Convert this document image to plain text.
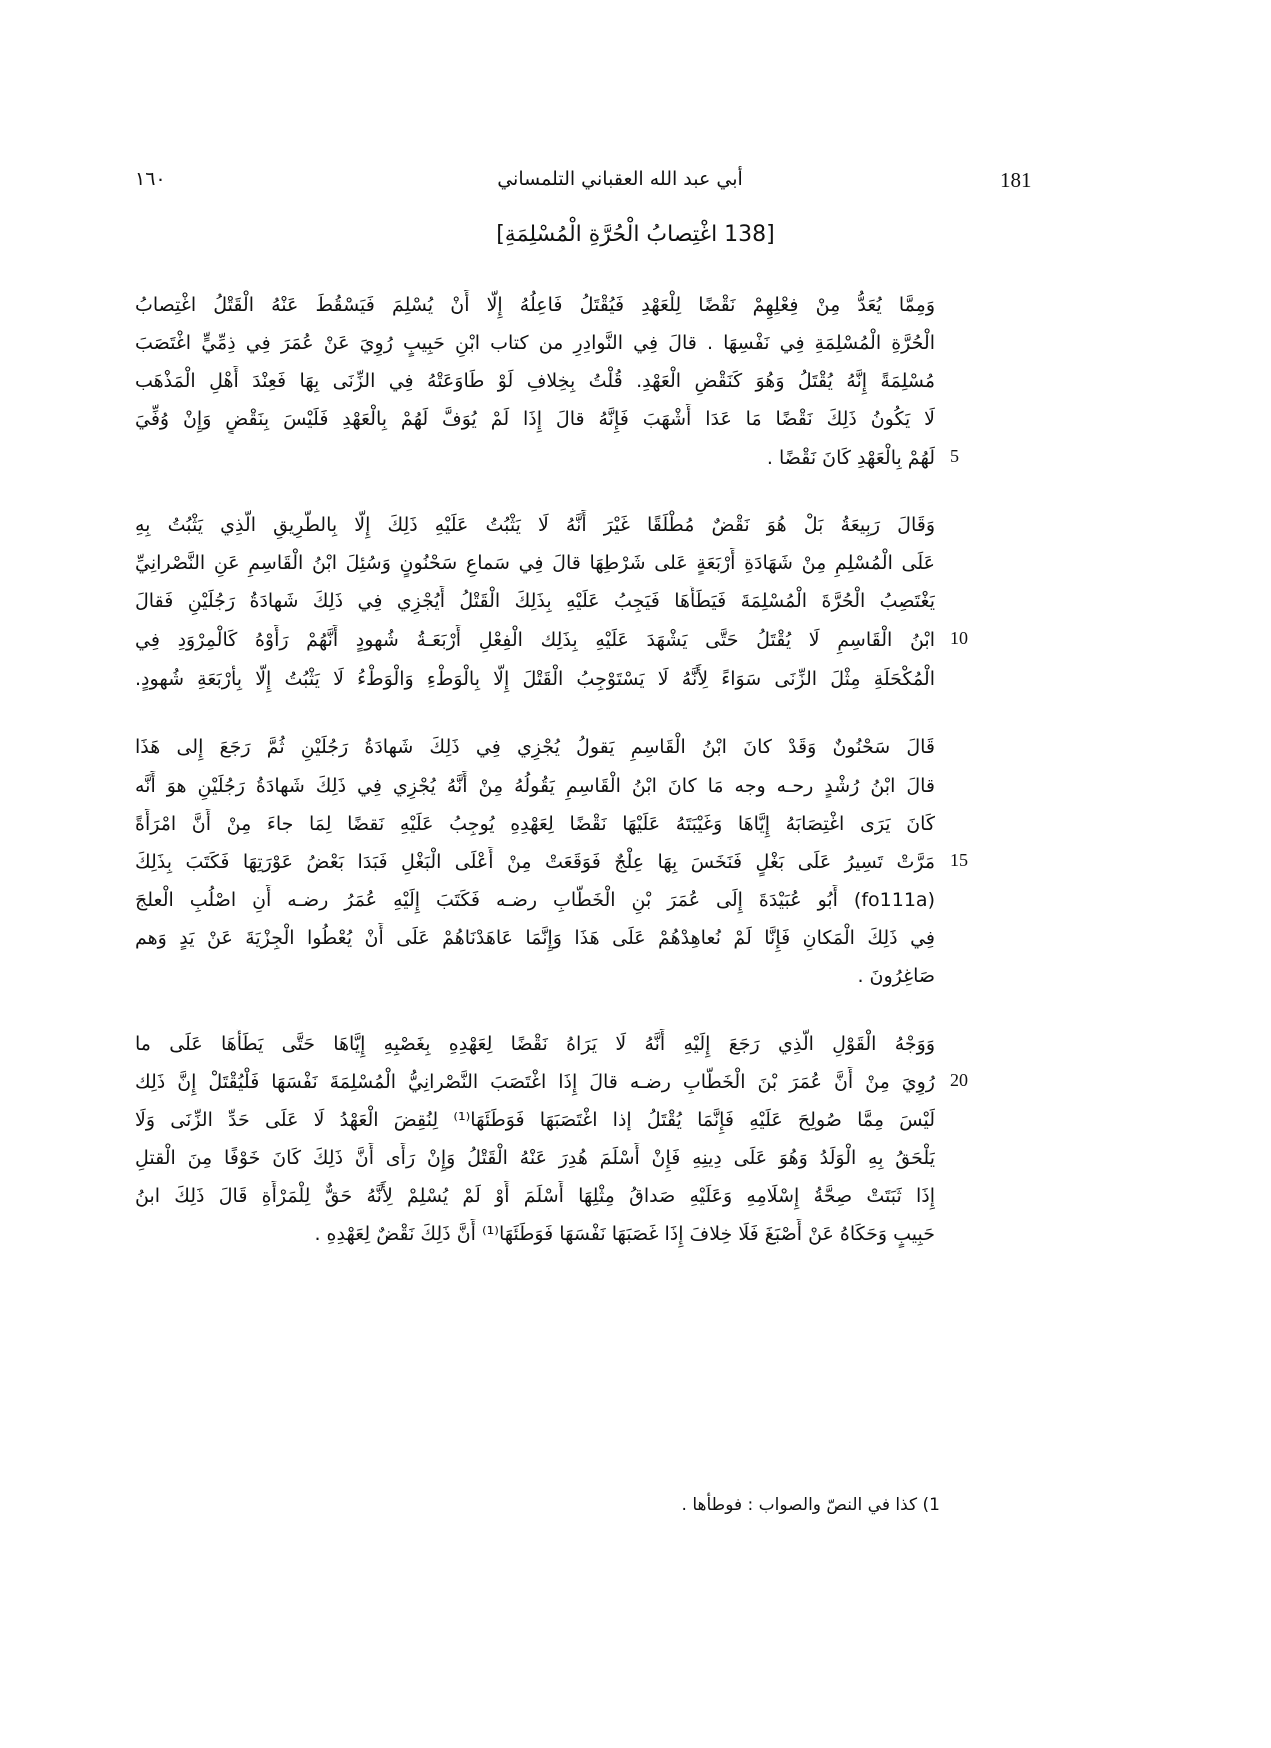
181
أبي عبد الله العقباني التلمساني
١٦٠
[138 اغْتِصابُ الْحُرَّةِ الْمُسْلِمَةِ]
وَمِمَّا يُعَدُّ مِنْ فِعْلِهِمْ نَقْضًا لِلْعَهْدِ فَيُقْتَلُ فَاعِلُهُ إِلَّا أَنْ يُسْلِمَ فَيَسْقُطَ عَنْهُ الْقَتْلُ اغْتِصابُ
الْحُرَّةِ الْمُسْلِمَةِ فِي نَفْسِهَا . قالَ فِي النَّوادِرِ من كتاب ابْنِ حَبِيبٍ رُوِيَ عَنْ عُمَرَ فِي ذِمِّيٍّ اغْتَصَبَ
مُسْلِمَةً إِنَّهُ يُقْتَلُ وَهُوَ كَنَقْضِ الْعَهْدِ. قُلْتُ بِخِلافِ لَوْ طَاوَعَتْهُ فِي الزِّنَى بِهَا فَعِنْدَ أَهْلِ الْمَذْهَب
لَا يَكُونُ ذَلِكَ نَقْضًا مَا عَدَا أَشْهَبَ فَإِنَّهُ قالَ إِذَا لَمْ يُوَفَّ لَهُمْ بِالْعَهْدِ فَلَيْسَ بِنَقْضٍ وَإِنْ وُفِّيَ
لَهُمْ بِالْعَهْدِ كَانَ نَقْضًا .
وَقَالَ رَبِيعَةُ بَلْ هُوَ نَقْضٌ مُطْلَقًا غَيْرَ أَنَّهُ لَا يَثْبُتُ عَلَيْهِ ذَلِكَ إِلَّا بِالطَّرِيقِ الَّذِي يَثْبُتُ بِهِ
عَلَى الْمُسْلِمِ مِنْ شَهَادَةِ أَرْبَعَةٍ عَلى شَرْطِهَا قالَ فِي سَماعِ سَحْنُونٍ وَسُئِلَ ابْنُ الْقَاسِمِ عَنِ النَّصْرانِيِّ
يَغْتَصِبُ الْحُرَّةَ الْمُسْلِمَةَ فَيَطَأُهَا فَيَجِبُ عَلَيْهِ بِذَلِكَ الْقَتْلُ أَيُجْزِي فِي ذَلِكَ شَهادَةُ رَجُلَيْنِ فَقالَ
ابْنُ الْقَاسِمِ لَا يُقْتَلُ حَتَّى يَشْهَدَ عَلَيْهِ بِذَلِك الْفِعْلِ أَرْبَعَـةُ شُهودٍ أَنَّهُمْ رَأَوْهُ كَالْمِرْوَدِ فِي
الْمُكْحَلَةِ مِثْلَ الزِّنَى سَوَاءً لِأَنَّهُ لَا يَسْتَوْجِبُ الْقَتْلَ إِلَّا بِالْوَطْءِ وَالْوَطْءُ لَا يَثْبُتُ إِلَّا بِأَرْبَعَةِ شُهودٍ.
قَالَ سَحْنُونٌ وَقَدْ كانَ ابْنُ الْقَاسِمِ يَقولُ يُجْزِي فِي ذَلِكَ شَهادَةُ رَجُلَيْنِ ثُمَّ رَجَعَ إِلى هَذَا
قالَ ابْنُ رُشْدٍ رحـه وجه مَا كانَ ابْنُ الْقَاسِمِ يَقُولُهُ مِنْ أَنَّهُ يُجْزِي فِي ذَلِكَ شَهادَةُ رَجُلَيْنِ هوَ أَنَّه
كَانَ يَرَى اغْتِصَابَهُ إِيَّاهَا وَغَيْبَتَهُ عَلَيْهَا نَقْضًا لِعَهْدِهِ يُوجِبُ عَلَيْهِ نَقضًا لِمَا جاءَ مِنْ أَنَّ امْرَأَةً
مَرَّتْ تَسِيرُ عَلَى بَغْلٍ فَنَخَسَ بِهَا عِلْجٌ فَوَقَعَتْ مِنْ أَعْلَى الْبَغْلِ فَبَدَا بَعْضُ عَوْرَتِهَا فَكَتَبَ بِذَلِكَ
(fo111a) أَبُو عُبَيْدَةَ إِلَى عُمَرَ بْنِ الْخَطَّابِ رضـه فَكَتَبَ إِلَيْهِ عُمَرُ رضـه أَنِ اصْلُبِ الْعلجَ
فِي ذَلِكَ الْمَكانِ فَإِنَّا لَمْ نُعاهِدْهُمْ عَلَى هَذَا وَإِنَّمَا عَاهَدْنَاهُمْ عَلَى أَنْ يُعْطُوا الْجِزْيَةَ عَنْ يَدٍ وَهم
صَاغِرُونَ .
وَوَجْهُ الْقَوْلِ الَّذِي رَجَعَ إِلَيْهِ أَنَّهُ لَا يَرَاهُ نَقْضًا لِعَهْدِهِ بِغَصْبِهِ إِيَّاهَا حَتَّى يَطَأَهَا عَلَى ما
رُوِيَ مِنْ أَنَّ عُمَرَ بْنَ الْخَطَّابِ رضـه قالَ إِذَا اغْتَصَبَ النَّصْرانِيُّ الْمُسْلِمَةَ نَفْسَهَا فَلْيُقْتَلْ إِنَّ ذَلِك
لَيْسَ مِمَّا صُولِحَ عَلَيْهِ فَإِنَّمَا يُقْتَلُ إذا اغْتَصَبَهَا فَوَطَئَهَا⁽¹⁾ لِنُقِضَ الْعَهْدُ لَا عَلَى حَدِّ الزِّنَى وَلَا
يَلْحَقُ بِهِ الْوَلَدُ وَهُوَ عَلَى دِينِهِ فَإِنْ أَسْلَمَ هُدِرَ عَنْهُ الْقَتْلُ وَإِنْ رَأَى أَنَّ ذَلِكَ كَانَ خَوْفًا مِنَ الْقتلِ
إِذَا ثَبَتَتْ صِحَّةُ إِسْلَامِهِ وَعَلَيْهِ صَداقُ مِثْلِهَا أَسْلَمَ أَوْ لَمْ يُسْلِمْ لِأَنَّهُ حَقٌّ لِلْمَرْأَةِ قَالَ ذَلِكَ ابنُ
حَبِيبٍ وَحَكَاهُ عَنْ أَصْبَغَ فَلَا خِلافَ إِذَا غَصَبَهَا نَفْسَهَا فَوَطَئَهَا⁽¹⁾ أَنَّ ذَلِكَ نَقْضٌ لِعَهْدِهِ .
5
10
15
20
1) كذا في النصّ والصواب : فوطأها .
